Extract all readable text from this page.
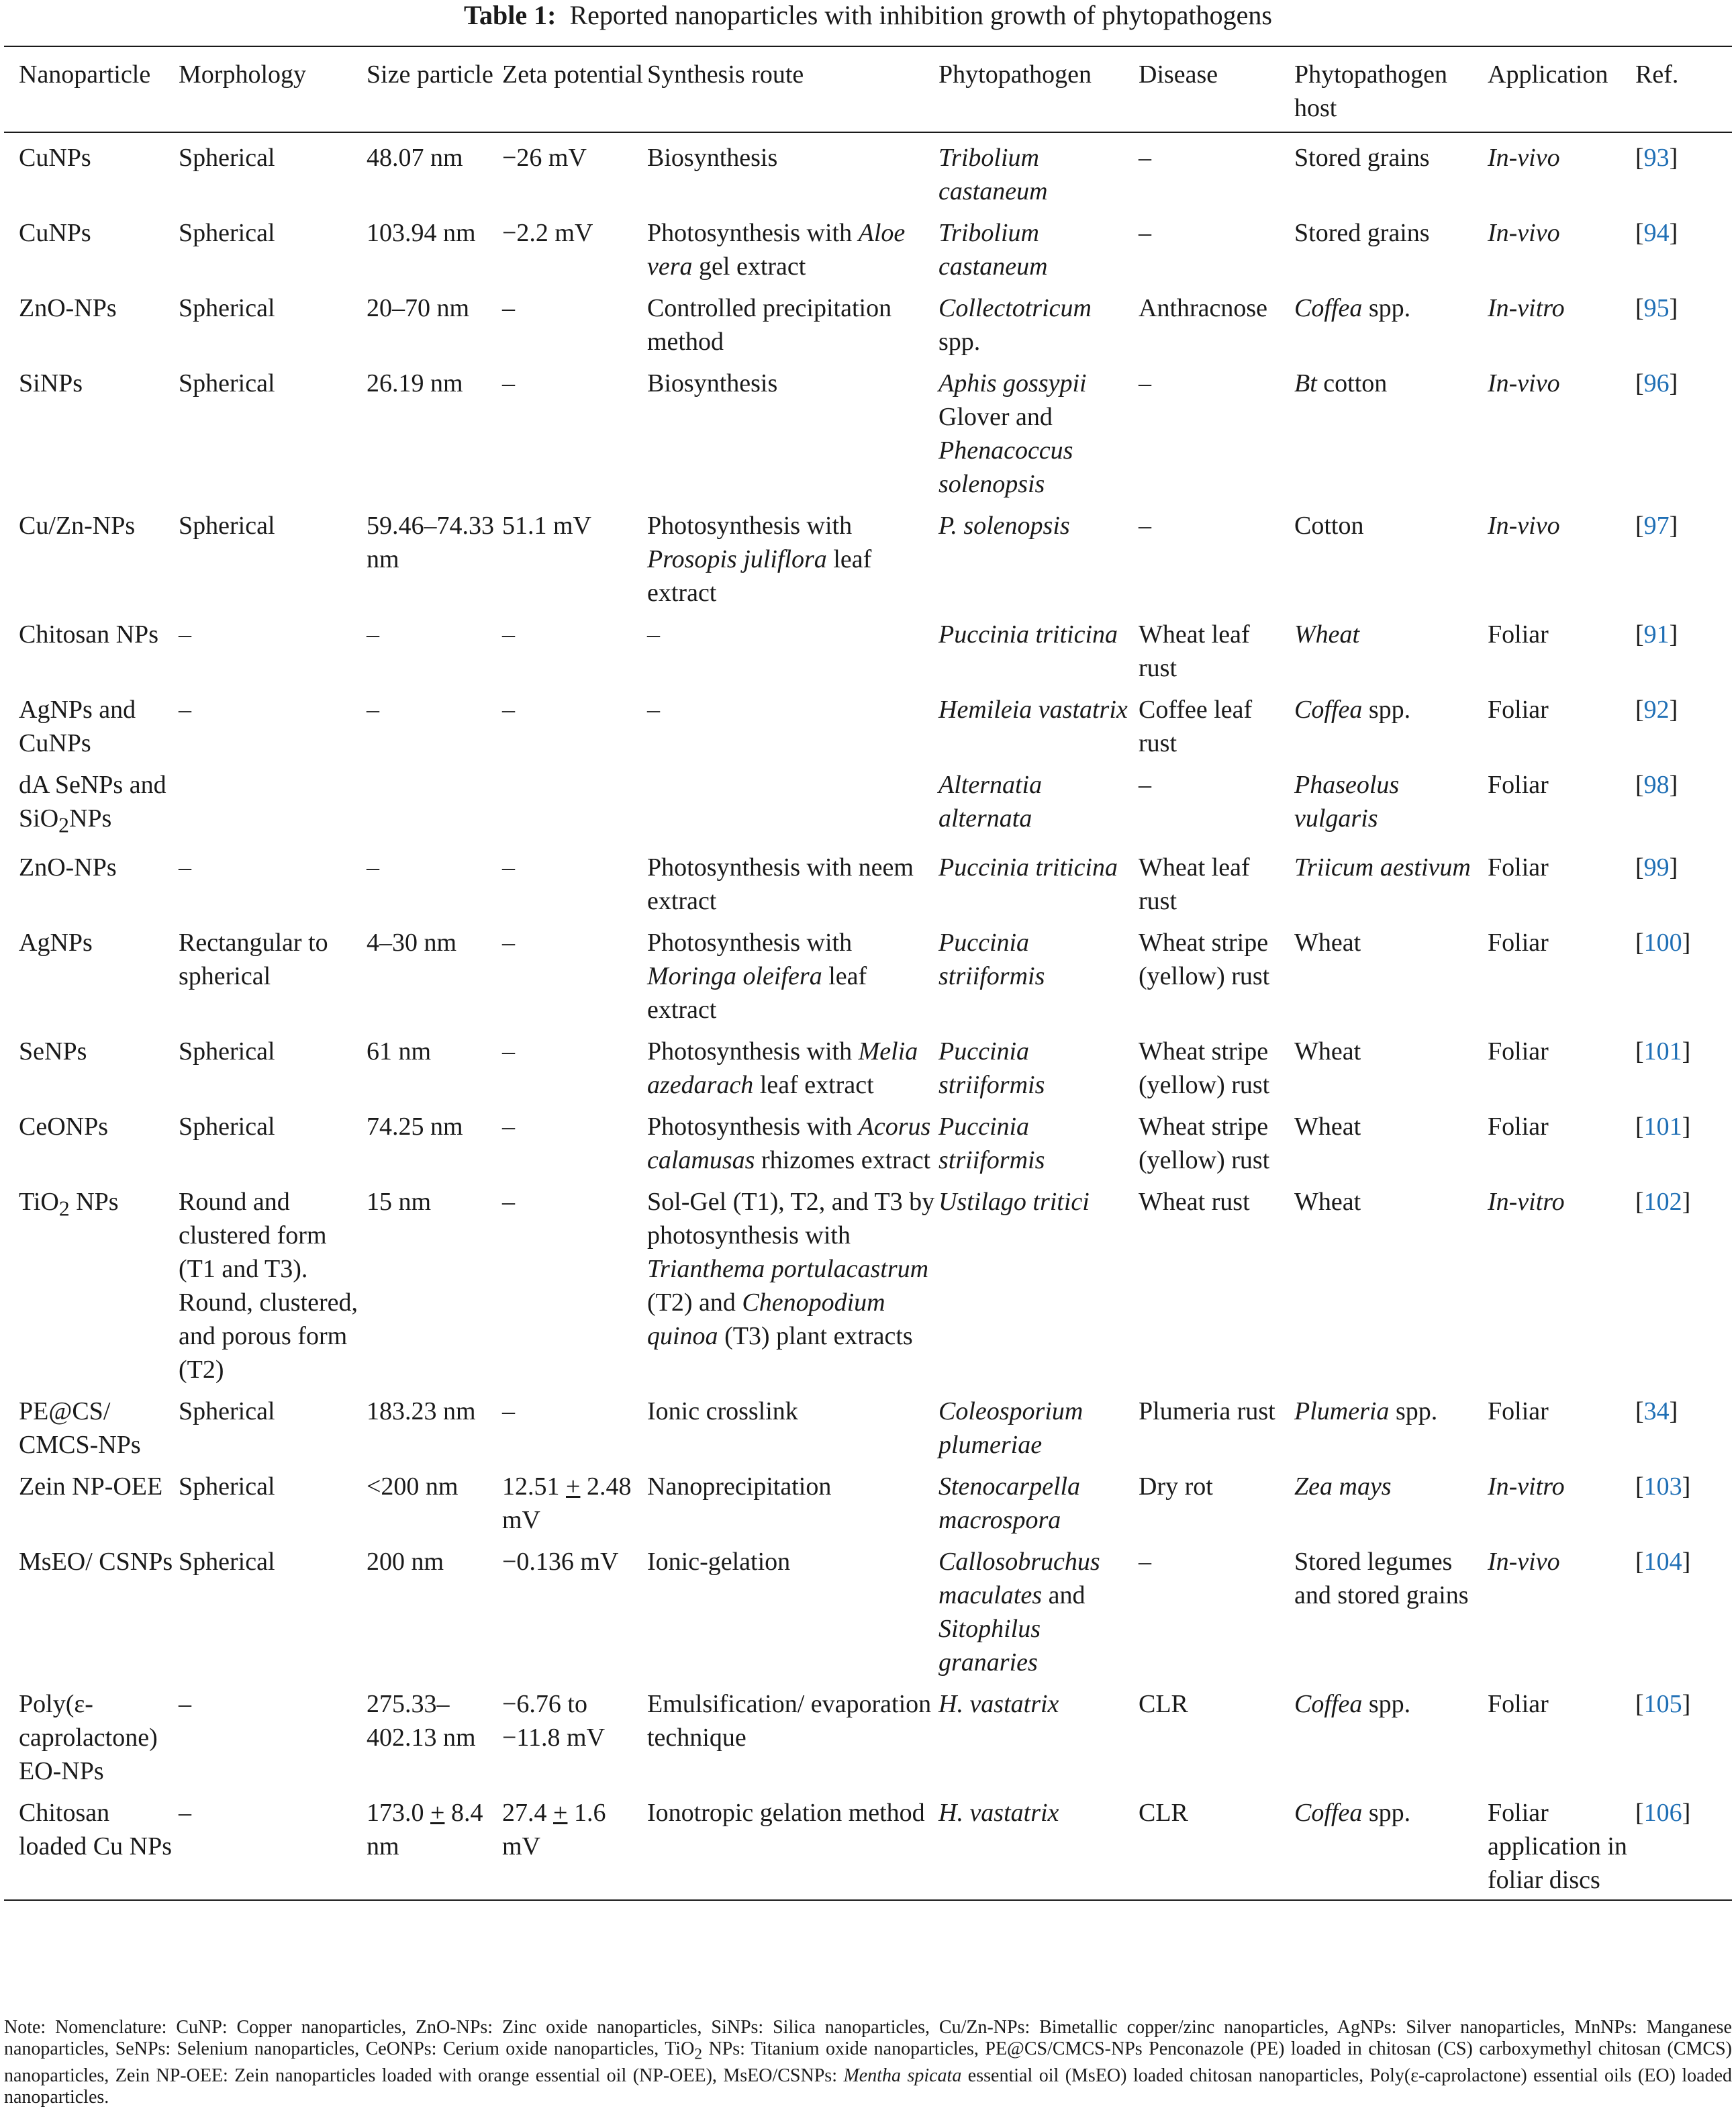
Table 1: Reported nanoparticles with inhibition growth of phytopathogens
Nanoparticle	Morphology	Size particle	Zeta potential	Synthesis route	Phytopathogen	Disease	Phytopathogen host	Application	Ref.
CuNPs	Spherical	48.07 nm	−26 mV	Biosynthesis	Tribolium castaneum	–	Stored grains	In-vivo	[93]
CuNPs	Spherical	103.94 nm	−2.2 mV	Photosynthesis with Aloe vera gel extract	Tribolium castaneum	–	Stored grains	In-vivo	[94]
ZnO-NPs	Spherical	20–70 nm	–	Controlled precipitation method	Collectotricum spp.	Anthracnose	Coffea spp.	In-vitro	[95]
SiNPs	Spherical	26.19 nm	–	Biosynthesis	Aphis gossypii Glover and Phenacoccus solenopsis	–	Bt cotton	In-vivo	[96]
Cu/Zn-NPs	Spherical	59.46–74.33 nm	51.1 mV	Photosynthesis with Prosopis juliflora leaf extract	P. solenopsis	–	Cotton	In-vivo	[97]
Chitosan NPs	–	–	–	–	Puccinia triticina	Wheat leaf rust	Wheat	Foliar	[91]
AgNPs and CuNPs	–	–	–	–	Hemileia vastatrix	Coffee leaf rust	Coffea spp.	Foliar	[92]
dA SeNPs and SiO$_2$NPs					Alternatia alternata	–	Phaseolus vulgaris	Foliar	[98]
ZnO-NPs	–	–	–	Photosynthesis with neem extract	Puccinia triticina	Wheat leaf rust	Triicum aestivum	Foliar	[99]
AgNPs	Rectangular to spherical	4–30 nm	–	Photosynthesis with Moringa oleifera leaf extract	Puccinia striiformis	Wheat stripe (yellow) rust	Wheat	Foliar	[100]
SeNPs	Spherical	61 nm	–	Photosynthesis with Melia azedarach leaf extract	Puccinia striiformis	Wheat stripe (yellow) rust	Wheat	Foliar	[101]
CeONPs	Spherical	74.25 nm	–	Photosynthesis with Acorus calamusas rhizomes extract	Puccinia striiformis	Wheat stripe (yellow) rust	Wheat	Foliar	[101]
TiO$_2$ NPs	Round and clustered form (T1 and T3). Round, clustered, and porous form (T2)	15 nm	–	Sol-Gel (T1), T2, and T3 by photosynthesis with Trianthema portulacastrum (T2) and Chenopodium quinoa (T3) plant extracts	Ustilago tritici	Wheat rust	Wheat	In-vitro	[102]
PE@CS/ CMCS-NPs	Spherical	183.23 nm	–	Ionic crosslink	Coleosporium plumeriae	Plumeria rust	Plumeria spp.	Foliar	[34]
Zein NP-OEE	Spherical	<200 nm	12.51 + 2.48 mV	Nanoprecipitation	Stenocarpella macrospora	Dry rot	Zea mays	In-vitro	[103]
MsEO/ CSNPs	Spherical	200 nm	−0.136 mV	Ionic-gelation	Callosobruchus maculates and Sitophilus granaries	–	Stored legumes and stored grains	In-vivo	[104]
Poly(ε-caprolactone) EO-NPs	–	275.33–402.13 nm	−6.76 to −11.8 mV	Emulsification/ evaporation technique	H. vastatrix	CLR	Coffea spp.	Foliar	[105]
Chitosan loaded Cu NPs	–	173.0 + 8.4 nm	27.4 + 1.6 mV	Ionotropic gelation method	H. vastatrix	CLR	Coffea spp.	Foliar application in foliar discs	[106]
Note: Nomenclature: CuNP: Copper nanoparticles, ZnO-NPs: Zinc oxide nanoparticles, SiNPs: Silica nanoparticles, Cu/Zn-NPs: Bimetallic copper/zinc nanoparticles, AgNPs: Silver nanoparticles, MnNPs: Manganese nanoparticles, SeNPs: Selenium nanoparticles, CeONPs: Cerium oxide nanoparticles, TiO$_2$ NPs: Titanium oxide nanoparticles, PE@CS/CMCS-NPs Penconazole (PE) loaded in chitosan (CS) carboxymethyl chitosan (CMCS) nanoparticles, Zein NP-OEE: Zein nanoparticles loaded with orange essential oil (NP-OEE), MsEO/CSNPs: Mentha spicata essential oil (MsEO) loaded chitosan nanoparticles, Poly(ε-caprolactone) essential oils (EO) loaded nanoparticles.
